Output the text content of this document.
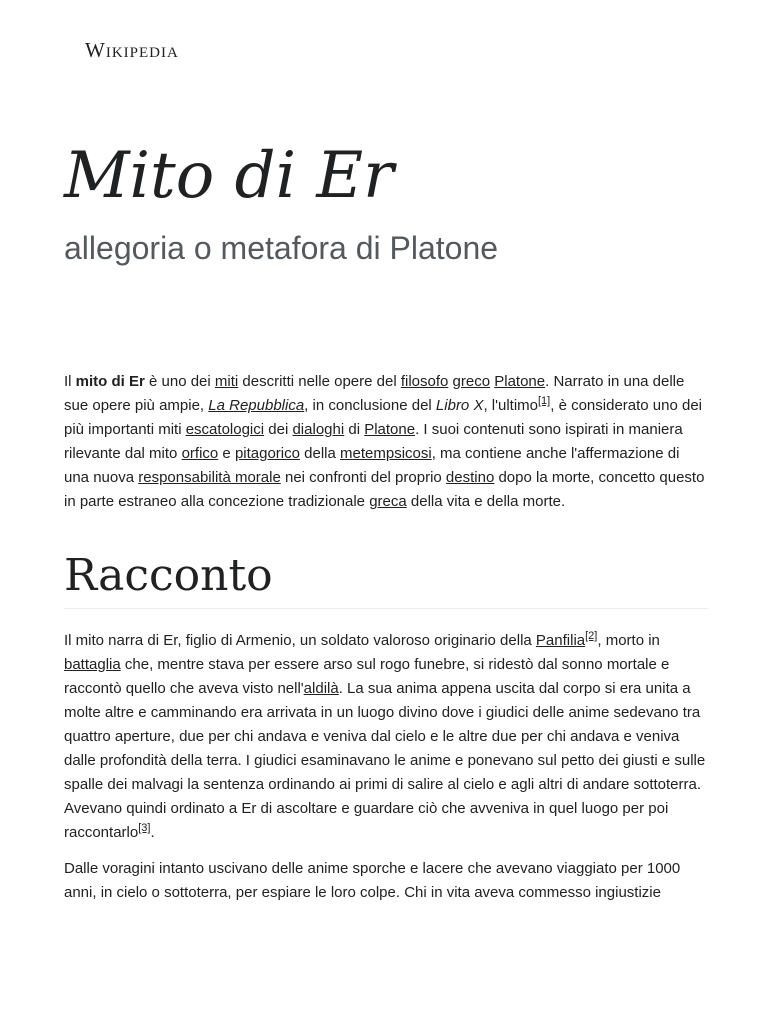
Wikipedia
Mito di Er
allegoria o metafora di Platone

Il mito di Er è uno dei miti descritti nelle opere del filosofo greco Platone. Narrato in una delle sue opere più ampie, La Repubblica, in conclusione del Libro X, l'ultimo[1], è considerato uno dei più importanti miti escatologici dei dialoghi di Platone. I suoi contenuti sono ispirati in maniera rilevante dal mito orfico e pitagorico della metempsicosi, ma contiene anche l'affermazione di una nuova responsabilità morale nei confronti del proprio destino dopo la morte, concetto questo in parte estraneo alla concezione tradizionale greca della vita e della morte.

Racconto

Il mito narra di Er, figlio di Armenio, un soldato valoroso originario della Panfilia[2], morto in battaglia che, mentre stava per essere arso sul rogo funebre, si ridestò dal sonno mortale e raccontò quello che aveva visto nell'aldilà. La sua anima appena uscita dal corpo si era unita a molte altre e camminando era arrivata in un luogo divino dove i giudici delle anime sedevano tra quattro aperture, due per chi andava e veniva dal cielo e le altre due per chi andava e veniva dalle profondità della terra. I giudici esaminavano le anime e ponevano sul petto dei giusti e sulle spalle dei malvagi la sentenza ordinando ai primi di salire al cielo e agli altri di andare sottoterra. Avevano quindi ordinato a Er di ascoltare e guardare ciò che avveniva in quel luogo per poi raccontarlo[3].

Dalle voragini intanto uscivano delle anime sporche e lacere che avevano viaggiato per 1000 anni, in cielo o sottoterra, per espiare le loro colpe. Chi in vita aveva commesso ingiustizie
